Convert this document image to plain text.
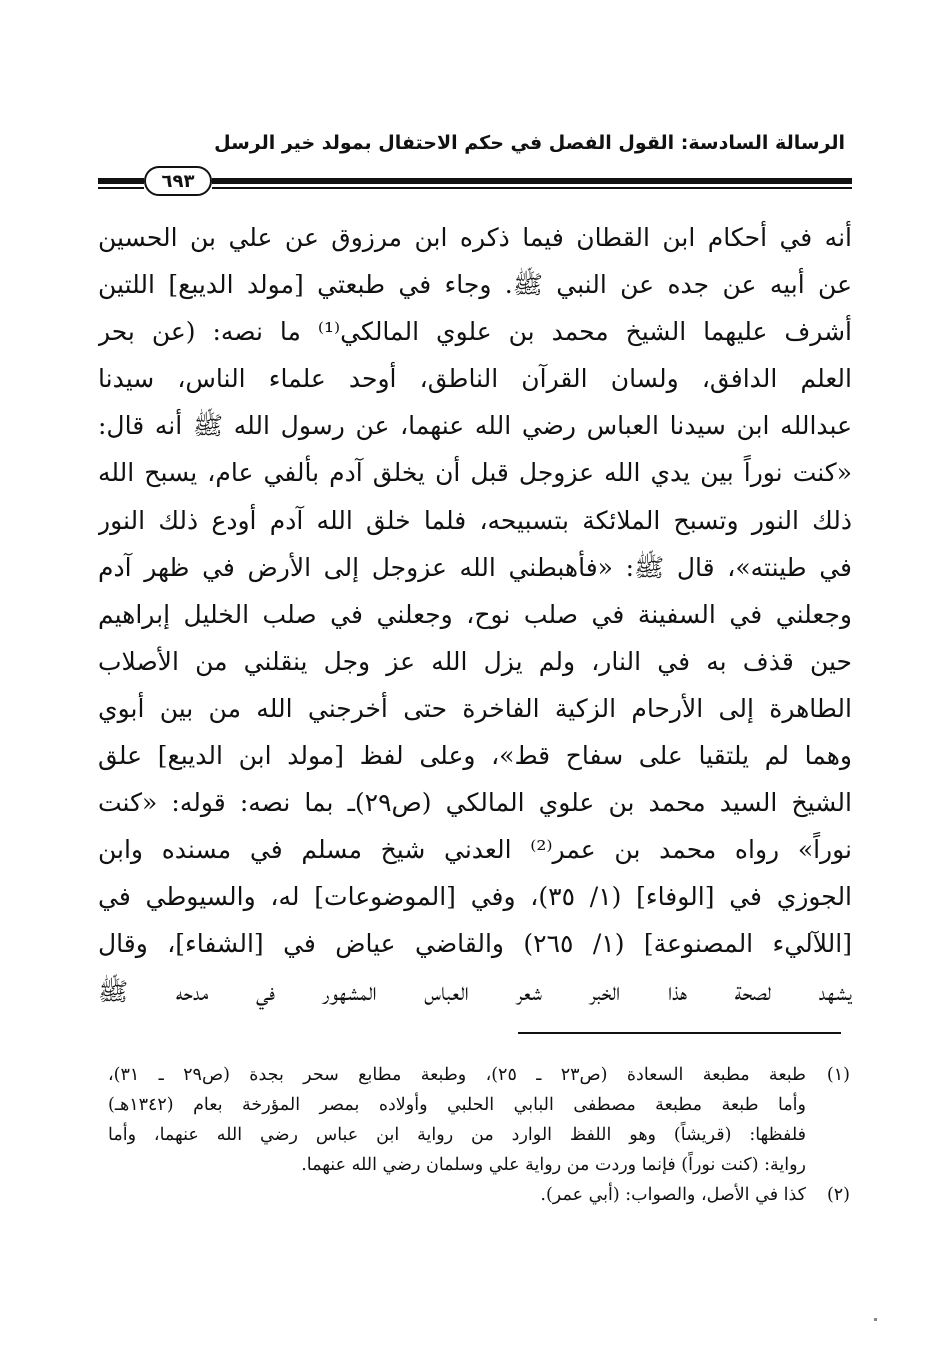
الرسالة السادسة: القول الفصل في حكم الاحتفال بمولد خير الرسل
٦٩٣
أنه في أحكام ابن القطان فيما ذكره ابن مرزوق عن علي بن الحسين
عن أبيه عن جده عن النبي ﷺ. وجاء في طبعتي [مولد الديبع] اللتين
أشرف عليهما الشيخ محمد بن علوي المالكي⁽¹⁾ ما نصه: (عن بحر
العلم الدافق، ولسان القرآن الناطق، أوحد علماء الناس، سيدنا
عبدالله ابن سيدنا العباس رضي الله عنهما، عن رسول الله ﷺ أنه قال:
«كنت نوراً بين يدي الله عزوجل قبل أن يخلق آدم بألفي عام، يسبح الله
ذلك النور وتسبح الملائكة بتسبيحه، فلما خلق الله آدم أودع ذلك النور
في طينته»، قال ﷺ: «فأهبطني الله عزوجل إلى الأرض في ظهر آدم
وجعلني في السفينة في صلب نوح، وجعلني في صلب الخليل إبراهيم
حين قذف به في النار، ولم يزل الله عز وجل ينقلني من الأصلاب
الطاهرة إلى الأرحام الزكية الفاخرة حتى أخرجني الله من بين أبوي
وهما لم يلتقيا على سفاح قط»، وعلى لفظ [مولد ابن الديبع] علق
الشيخ السيد محمد بن علوي المالكي (ص٢٩)ـ بما نصه: قوله: «كنت
نوراً» رواه محمد بن عمر⁽²⁾ العدني شيخ مسلم في مسنده وابن
الجوزي في [الوفاء] (١/ ٣٥)، وفي [الموضوعات] له، والسيوطي في
[اللآليء المصنوعة] (١/ ٢٦٥) والقاضي عياض في [الشفاء]، وقال
يشهد لصحة هذا الخبر شعر العباس المشهور في مدحه ﷺ
(١)طبعة مطبعة السعادة (ص٢٣ ـ ٢٥)، وطبعة مطابع سحر بجدة (ص٢٩ ـ ٣١)،
وأما طبعة مطبعة مصطفى البابي الحلبي وأولاده بمصر المؤرخة بعام (١٣٤٢هـ)
فلفظها: (قريشاً) وهو اللفظ الوارد من رواية ابن عباس رضي الله عنهما، وأما
رواية: (كنت نوراً) فإنما وردت من رواية علي وسلمان رضي الله عنهما.
(٢)كذا في الأصل، والصواب: (أبي عمر).
